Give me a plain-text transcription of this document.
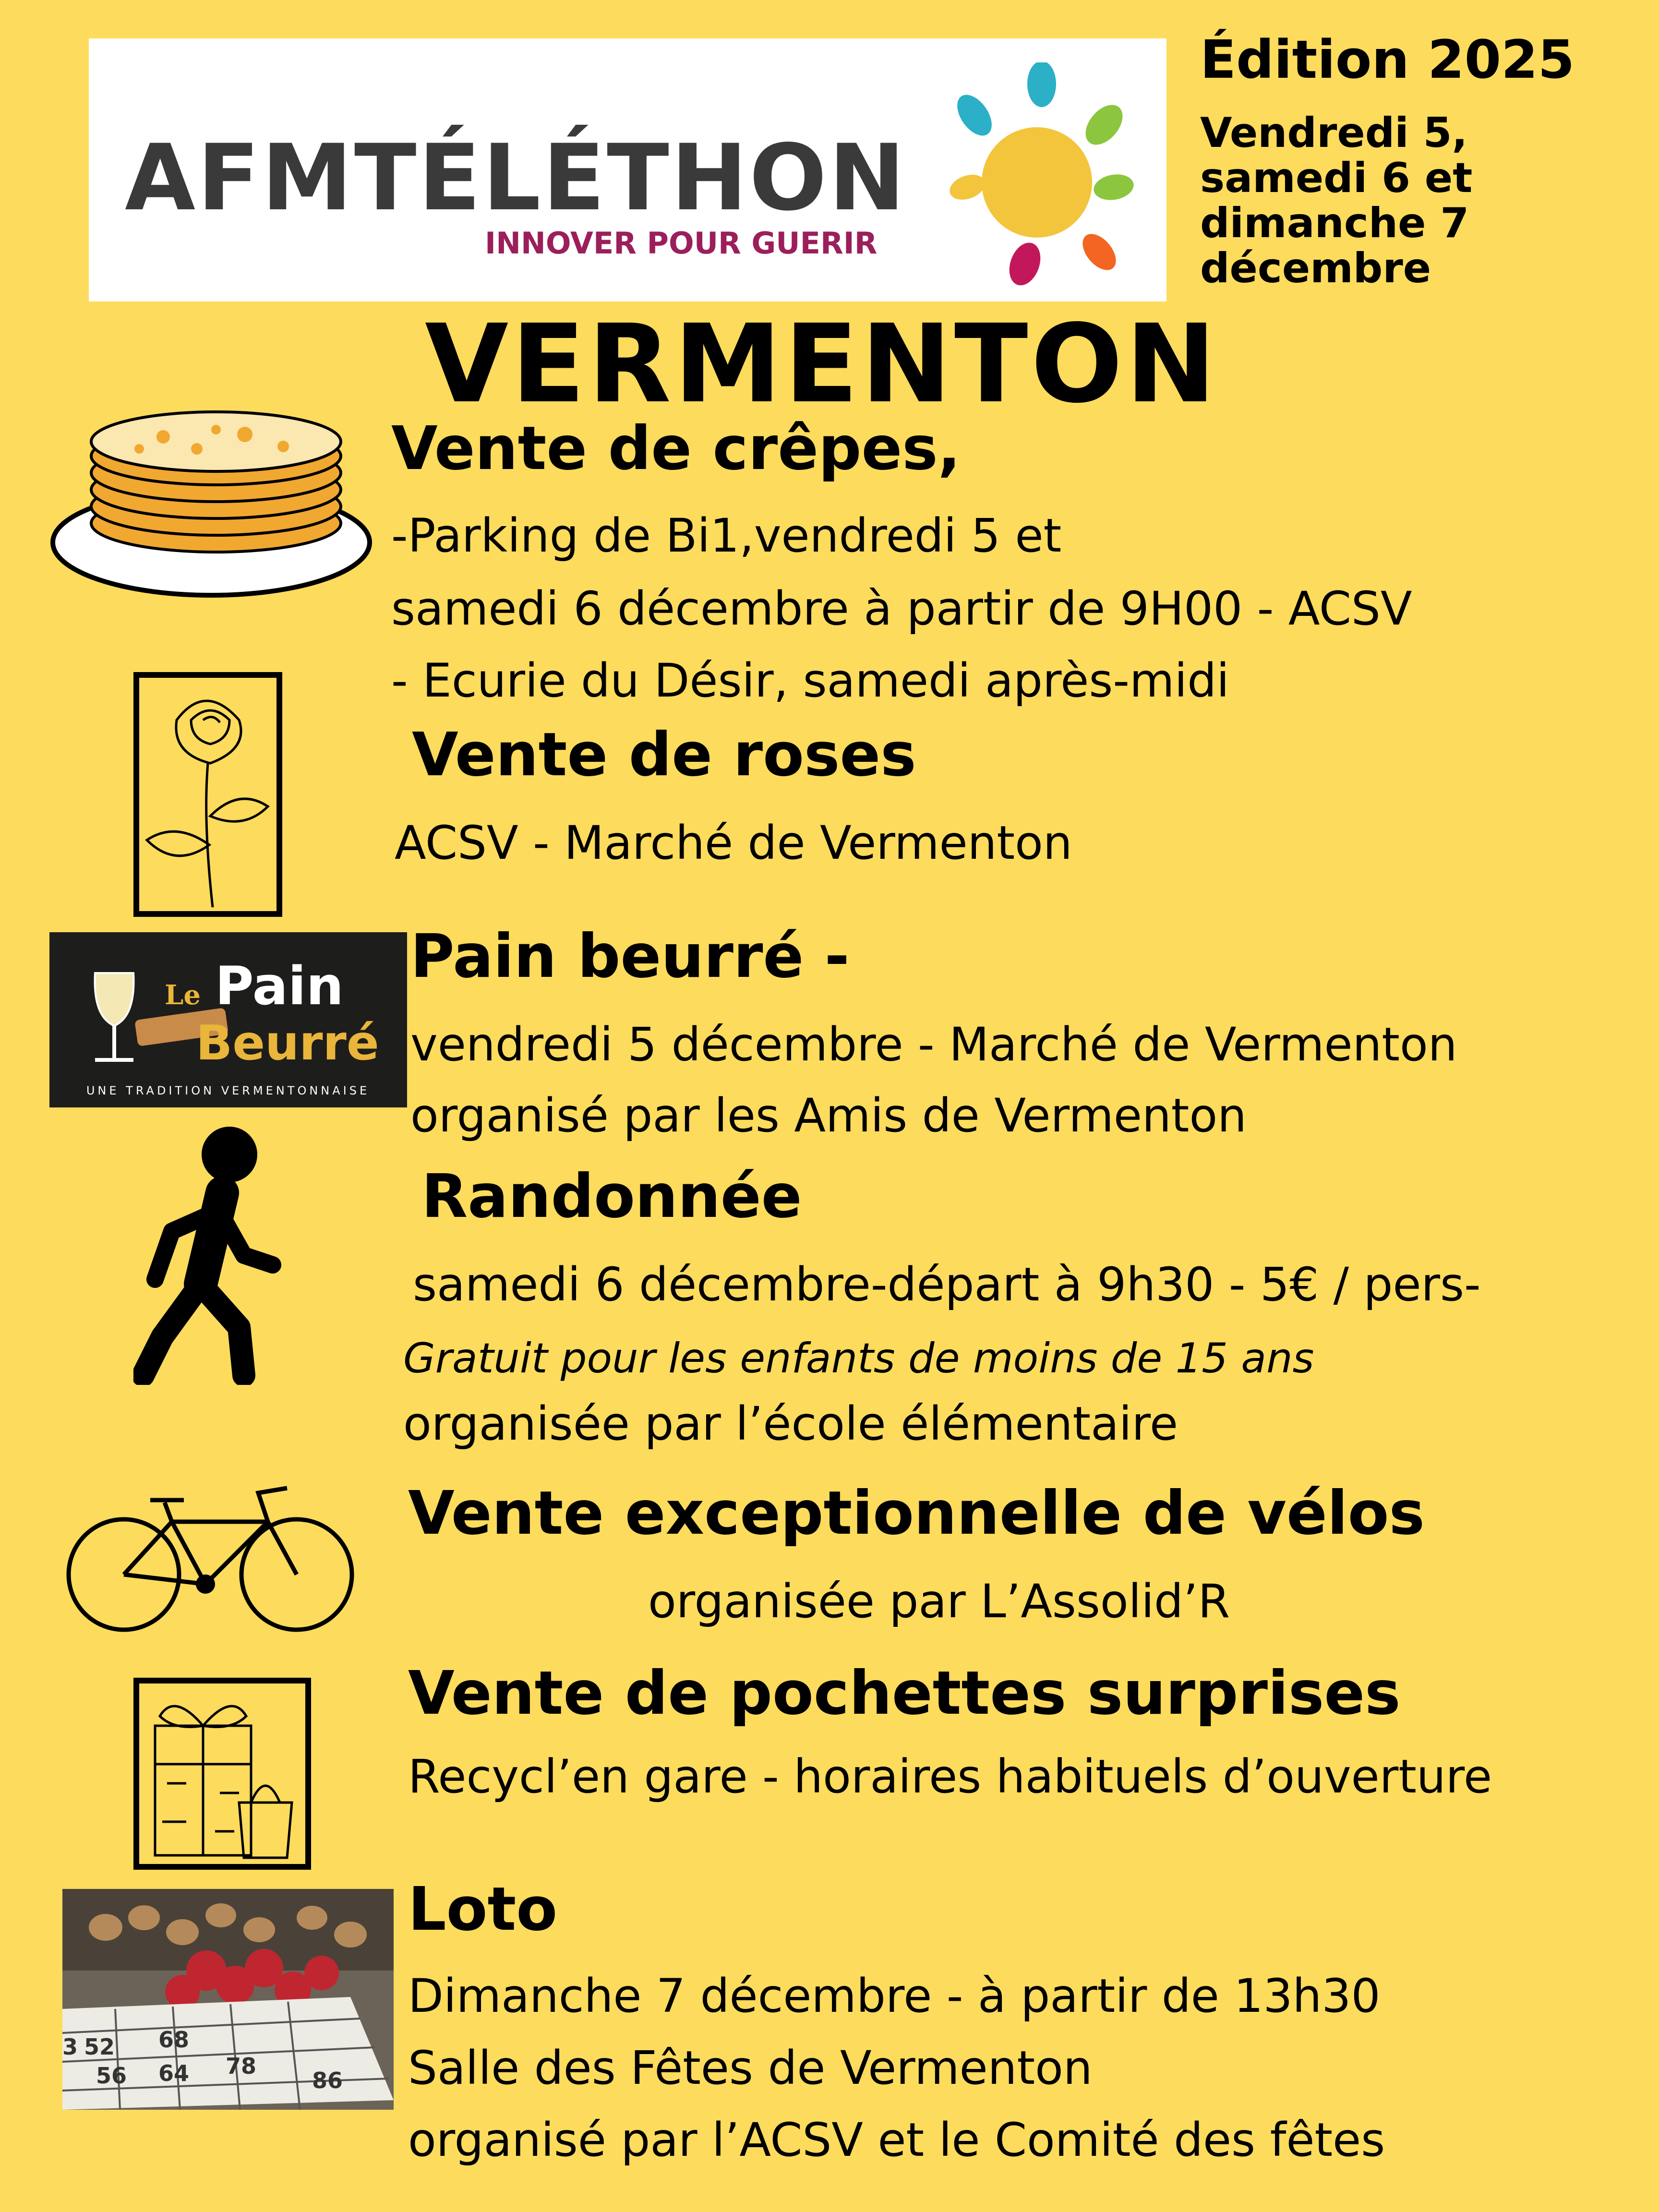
AFMTÉLÉTHON
INNOVER POUR GUERIR
Édition 2025
Vendredi 5,
samedi 6 et
dimanche 7
décembre
VERMENTON
Vente de crêpes,
-Parking de Bi1,vendredi 5 et
samedi 6 décembre à partir de 9H00 - ACSV
- Ecurie du Désir, samedi après-midi
Vente de roses
ACSV - Marché de Vermenton
Le Pain
Beurré
UNE TRADITION VERMENTONNAISE
Pain beurré -
vendredi 5 décembre - Marché de Vermenton
organisé par les Amis de Vermenton
Randonnée
samedi 6 décembre-départ à 9h30 - 5€ / pers-
Gratuit pour les enfants de moins de 15 ans
organisée par l’école élémentaire
Vente exceptionnelle de vélos
organisée par L’Assolid’R
Vente de pochettes surprises
Recycl’en gare - horaires habituels d’ouverture
3 52 68
56 64 78
86
Loto
Dimanche 7 décembre - à partir de 13h30
Salle des Fêtes de Vermenton
organisé par l’ACSV et le Comité des fêtes
